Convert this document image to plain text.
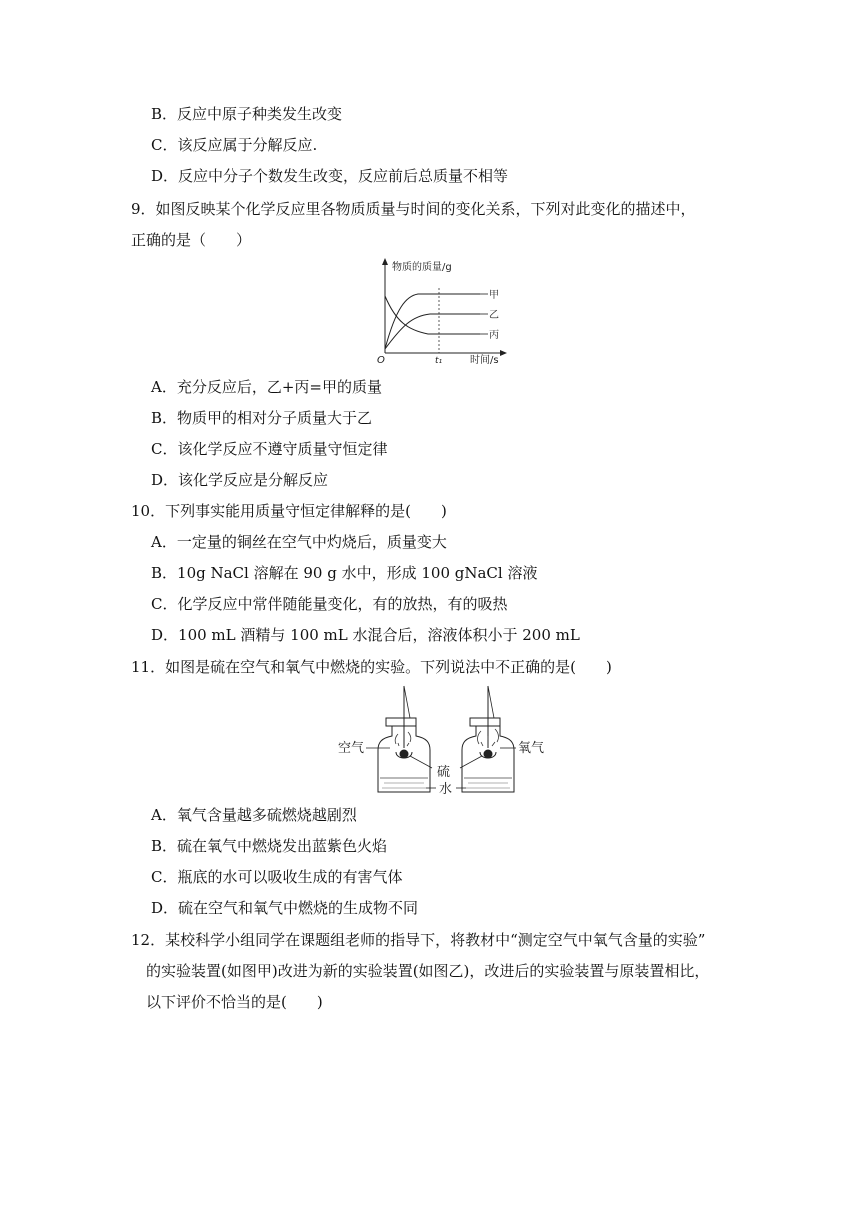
B．反应中原子种类发生改变
C．该反应属于分解反应.
D．反应中分子个数发生改变，反应前后总质量不相等
9．如图反映某个化学反应里各物质质量与时间的变化关系，下列对此变化的描述中，
正确的是（　　）
物质的质量/g
时间/s
O	t₁
甲
乙
丙
A．充分反应后，乙+丙=甲的质量
B．物质甲的相对分子质量大于乙
C．该化学反应不遵守质量守恒定律
D．该化学反应是分解反应
10．下列事实能用质量守恒定律解释的是(　　)
A．一定量的铜丝在空气中灼烧后，质量变大
B．10g NaCl 溶解在 90 g 水中，形成 100 gNaCl 溶液
C．化学反应中常伴随能量变化，有的放热，有的吸热
D．100 mL 酒精与 100 mL 水混合后，溶液体积小于 200 mL
11．如图是硫在空气和氧气中燃烧的实验。下列说法中不正确的是(　　)
空气
硫
氧气
水
A．氧气含量越多硫燃烧越剧烈
B．硫在氧气中燃烧发出蓝紫色火焰
C．瓶底的水可以吸收生成的有害气体
D．硫在空气和氧气中燃烧的生成物不同
12．某校科学小组同学在课题组老师的指导下，将教材中“测定空气中氧气含量的实验”
的实验装置(如图甲)改进为新的实验装置(如图乙)，改进后的实验装置与原装置相比，
以下评价不恰当的是(　　)
